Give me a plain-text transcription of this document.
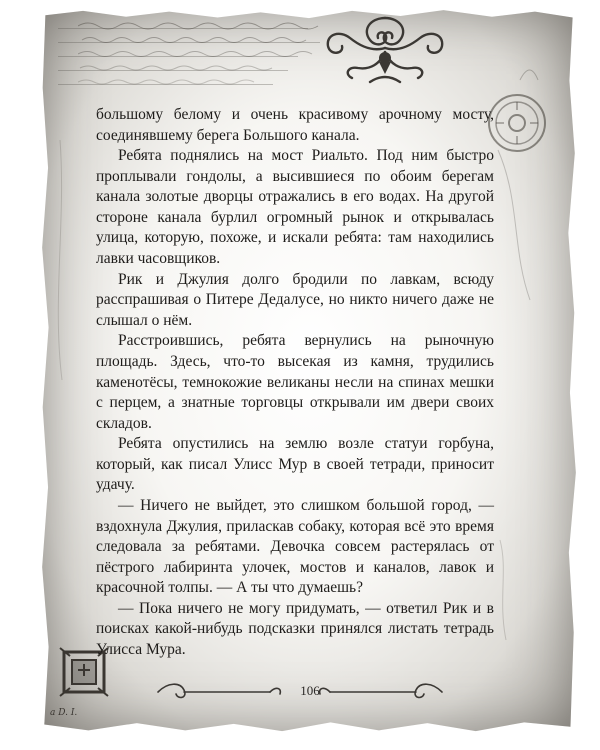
a D. I.

большому белому и очень красивому арочному мосту, соединявшему берега Большого канала.

Ребята поднялись на мост Риальто. Под ним быстро проплывали гондолы, а высившиеся по обоим берегам канала золотые дворцы отражались в его водах. На другой стороне канала бурлил огромный рынок и открывалась улица, которую, похоже, и искали ребята: там находились лавки часовщиков.

Рик и Джулия долго бродили по лавкам, всюду расспрашивая о Питере Дедалусе, но никто ничего даже не слышал о нём.

Расстроившись, ребята вернулись на рыночную площадь. Здесь, что-то высекая из камня, трудились каменотёсы, темнокожие великаны несли на спинах мешки с перцем, а знатные торговцы открывали им двери своих складов.

Ребята опустились на землю возле статуи горбуна, который, как писал Улисс Мур в своей тетради, приносит удачу.

— Ничего не выйдет, это слишком большой город, — вздохнула Джулия, приласкав собаку, которая всё это время следовала за ребятами. Девочка совсем растерялась от пёстрого лабиринта улочек, мостов и каналов, лавок и красочной толпы. — А ты что думаешь?

— Пока ничего не могу придумать, — ответил Рик и в поисках какой-нибудь подсказки принялся листать тетрадь Улисса Мура.

106
